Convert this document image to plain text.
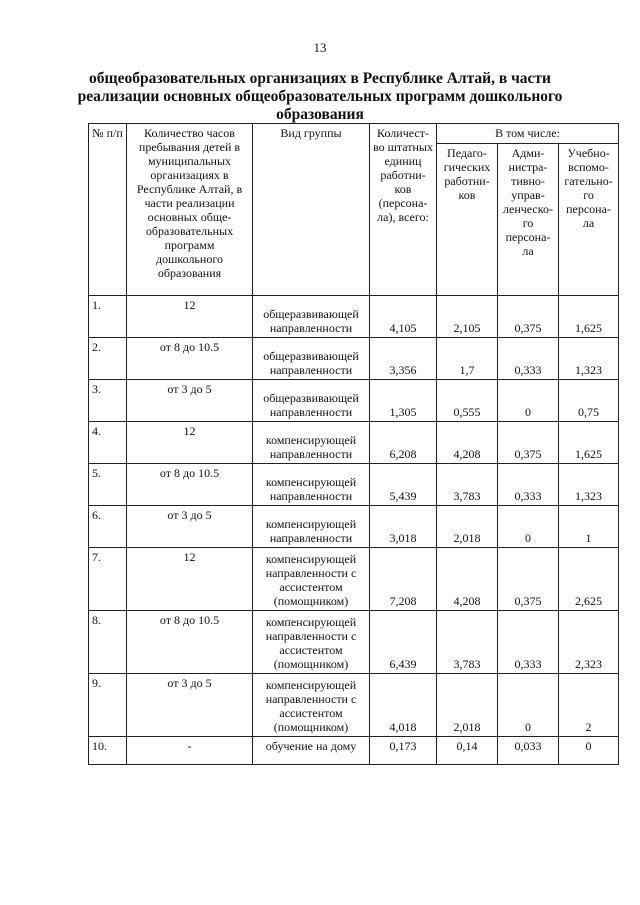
13
общеобразовательных организациях в Республике Алтай, в части
реализации основных общеобразовательных программ дошкольного
образования
№ п/п	Количество часов пребывания детей в муниципальных организациях в Республике Алтай, в части реализации основных обще-образовательных программ дошкольного образования	Вид группы	Количест-во штатных единиц работни-ков (персона-ла), всего:	В том числе:		
				Педаго-гических работни-ков	Адми-нистра-тивно-управ-ленческо-го персона-ла	Учебно-вспомо-гательно-го персона-ла
1.	12	общеразвивающей направленности	4,105	2,105	0,375	1,625
2.	от 8 до 10.5	общеразвивающей направленности	3,356	1,7	0,333	1,323
3.	от 3 до 5	общеразвивающей направленности	1,305	0,555	0	0,75
4.	12	компенсирующей направленности	6,208	4,208	0,375	1,625
5.	от 8 до 10.5	компенсирующей направленности	5,439	3,783	0,333	1,323
6.	от 3 до 5	компенсирующей направленности	3,018	2,018	0	1
7.	12	компенсирующей направленности с ассистентом (помощником)	7,208	4,208	0,375	2,625
8.	от 8 до 10.5	компенсирующей направленности с ассистентом (помощником)	6,439	3,783	0,333	2,323
9.	от 3 до 5	компенсирующей направленности с ассистентом (помощником)	4,018	2,018	0	2
10.	-	обучение на дому	0,173	0,14	0,033	0
